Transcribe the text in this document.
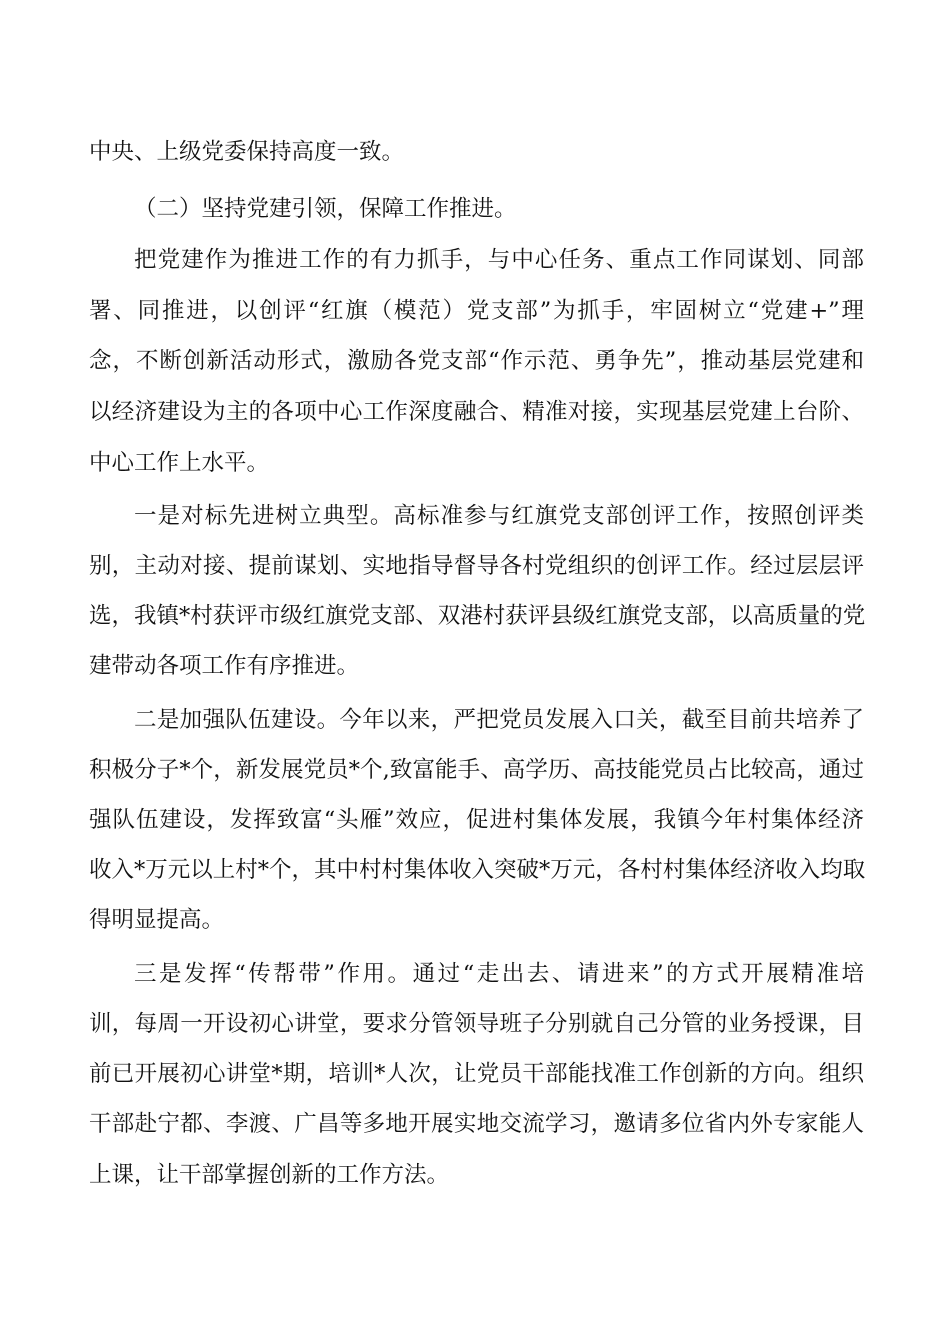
中央、上级党委保持高度一致。
（二）坚持党建引领，保障工作推进。
把党建作为推进工作的有力抓手，与中心任务、重点工作同谋划、同部
署、同推进，以创评“红旗（模范）党支部”为抓手，牢固树立“党建+”理
念，不断创新活动形式，激励各党支部“作示范、勇争先”，推动基层党建和
以经济建设为主的各项中心工作深度融合、精准对接，实现基层党建上台阶、
中心工作上水平。
一是对标先进树立典型。高标准参与红旗党支部创评工作，按照创评类
别，主动对接、提前谋划、实地指导督导各村党组织的创评工作。经过层层评
选，我镇*村获评市级红旗党支部、双港村获评县级红旗党支部，以高质量的党
建带动各项工作有序推进。
二是加强队伍建设。今年以来，严把党员发展入口关，截至目前共培养了
积极分子*个，新发展党员*个,致富能手、高学历、高技能党员占比较高，通过
强队伍建设，发挥致富“头雁”效应，促进村集体发展，我镇今年村集体经济
收入*万元以上村*个，其中村村集体收入突破*万元，各村村集体经济收入均取
得明显提高。
三是发挥“传帮带”作用。通过“走出去、请进来”的方式开展精准培
训，每周一开设初心讲堂，要求分管领导班子分别就自己分管的业务授课，目
前已开展初心讲堂*期，培训*人次，让党员干部能找准工作创新的方向。组织
干部赴宁都、李渡、广昌等多地开展实地交流学习，邀请多位省内外专家能人
上课，让干部掌握创新的工作方法。
